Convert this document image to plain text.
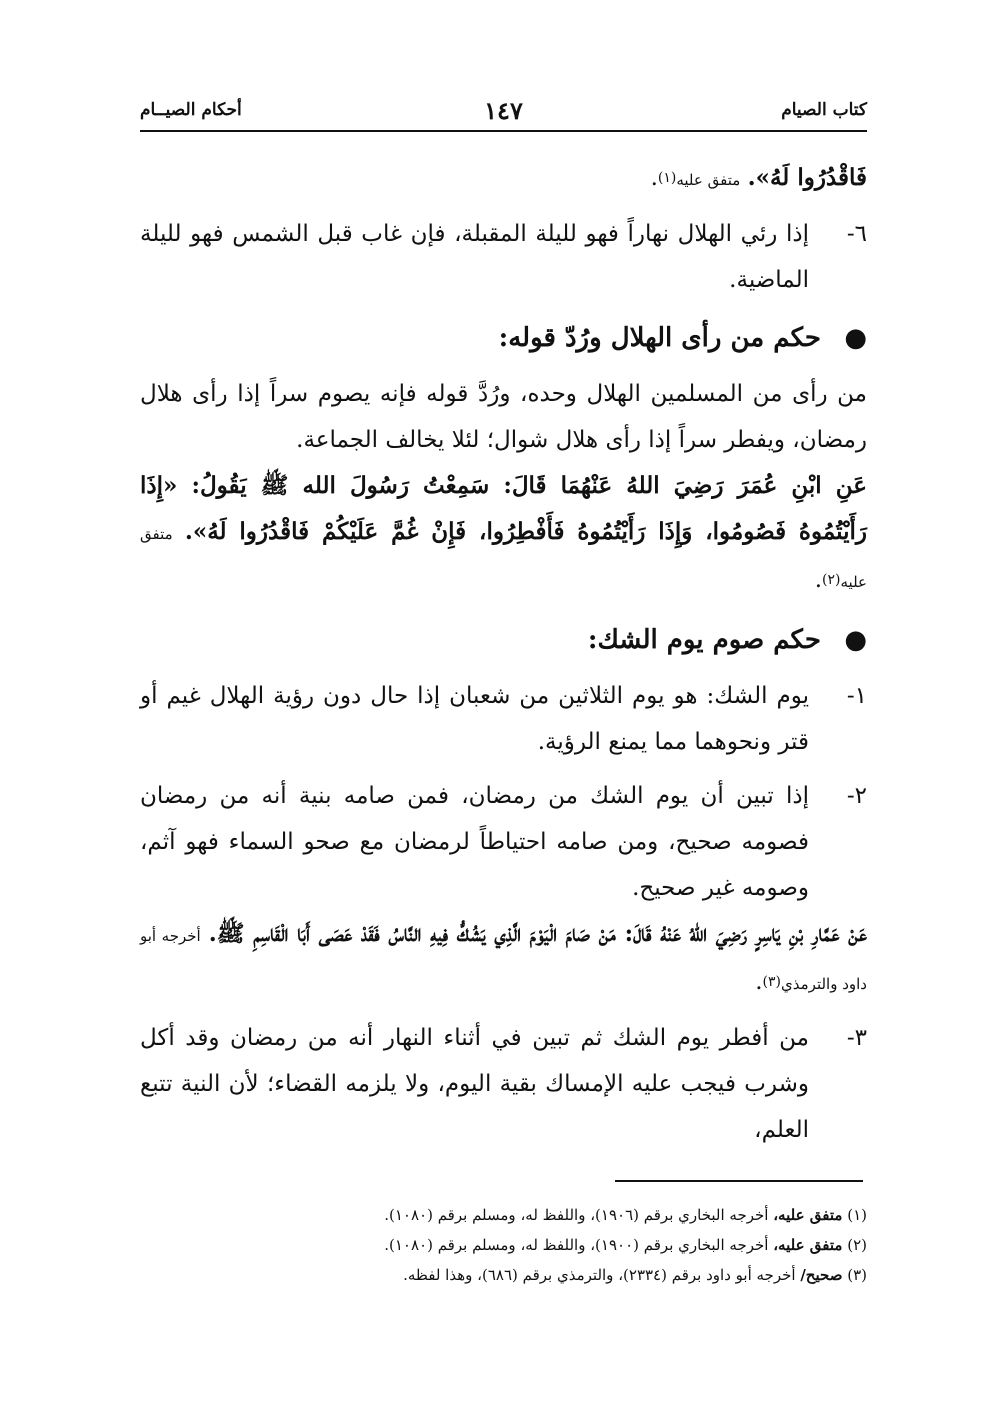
كتاب الصيام
١٤٧
أحكام الصيــام

فَاقْدُرُوا لَهُ». متفق عليه$^{(١)}$.

٦-

إذا رئي الهلال نهاراً فهو لليلة المقبلة، فإن غاب قبل الشمس فهو لليلة الماضية.

●
حكم من رأى الهلال ورُدّ قوله:

من رأى من المسلمين الهلال وحده، ورُدَّ قوله فإنه يصوم سراً إذا رأى هلال رمضان، ويفطر سراً إذا رأى هلال شوال؛ لئلا يخالف الجماعة.

عَنِ ابْنِ عُمَرَ رَضِيَ اللهُ عَنْهُمَا قَالَ: سَمِعْتُ رَسُولَ الله ﷺ يَقُولُ: «إِذَا رَأَيْتُمُوهُ فَصُومُوا، وَإِذَا رَأَيْتُمُوهُ فَأَفْطِرُوا، فَإِنْ غُمَّ عَلَيْكُمْ فَاقْدُرُوا لَهُ». متفق عليه$^{(٢)}$.

●
حكم صوم يوم الشك:
١-

يوم الشك: هو يوم الثلاثين من شعبان إذا حال دون رؤية الهلال غيم أو قتر ونحوهما مما يمنع الرؤية.

٢-

إذا تبين أن يوم الشك من رمضان، فمن صامه بنية أنه من رمضان فصومه صحيح، ومن صامه احتياطاً لرمضان مع صحو السماء فهو آثم، وصومه غير صحيح.

عَنْ عَمَّارِ بْنِ يَاسِرٍ رَضِيَ اللهُ عَنْهُ قَالَ: مَنْ صَامَ الْيَوْمَ الَّذِي يَشُكُّ فِيهِ النَّاسُ فَقَدْ عَصَى أَبَا الْقَاسِمِ ﷺ. أخرجه أبو داود والترمذي$^{(٣)}$.

٣-

من أفطر يوم الشك ثم تبين في أثناء النهار أنه من رمضان وقد أكل وشرب فيجب عليه الإمساك بقية اليوم، ولا يلزمه القضاء؛ لأن النية تتبع العلم،

(١) متفق عليه، أخرجه البخاري برقم (١٩٠٦)، واللفظ له، ومسلم برقم (١٠٨٠).

(٢) متفق عليه، أخرجه البخاري برقم (١٩٠٠)، واللفظ له، ومسلم برقم (١٠٨٠).

(٣) صحيح/ أخرجه أبو داود برقم (٢٣٣٤)، والترمذي برقم (٦٨٦)، وهذا لفظه.
